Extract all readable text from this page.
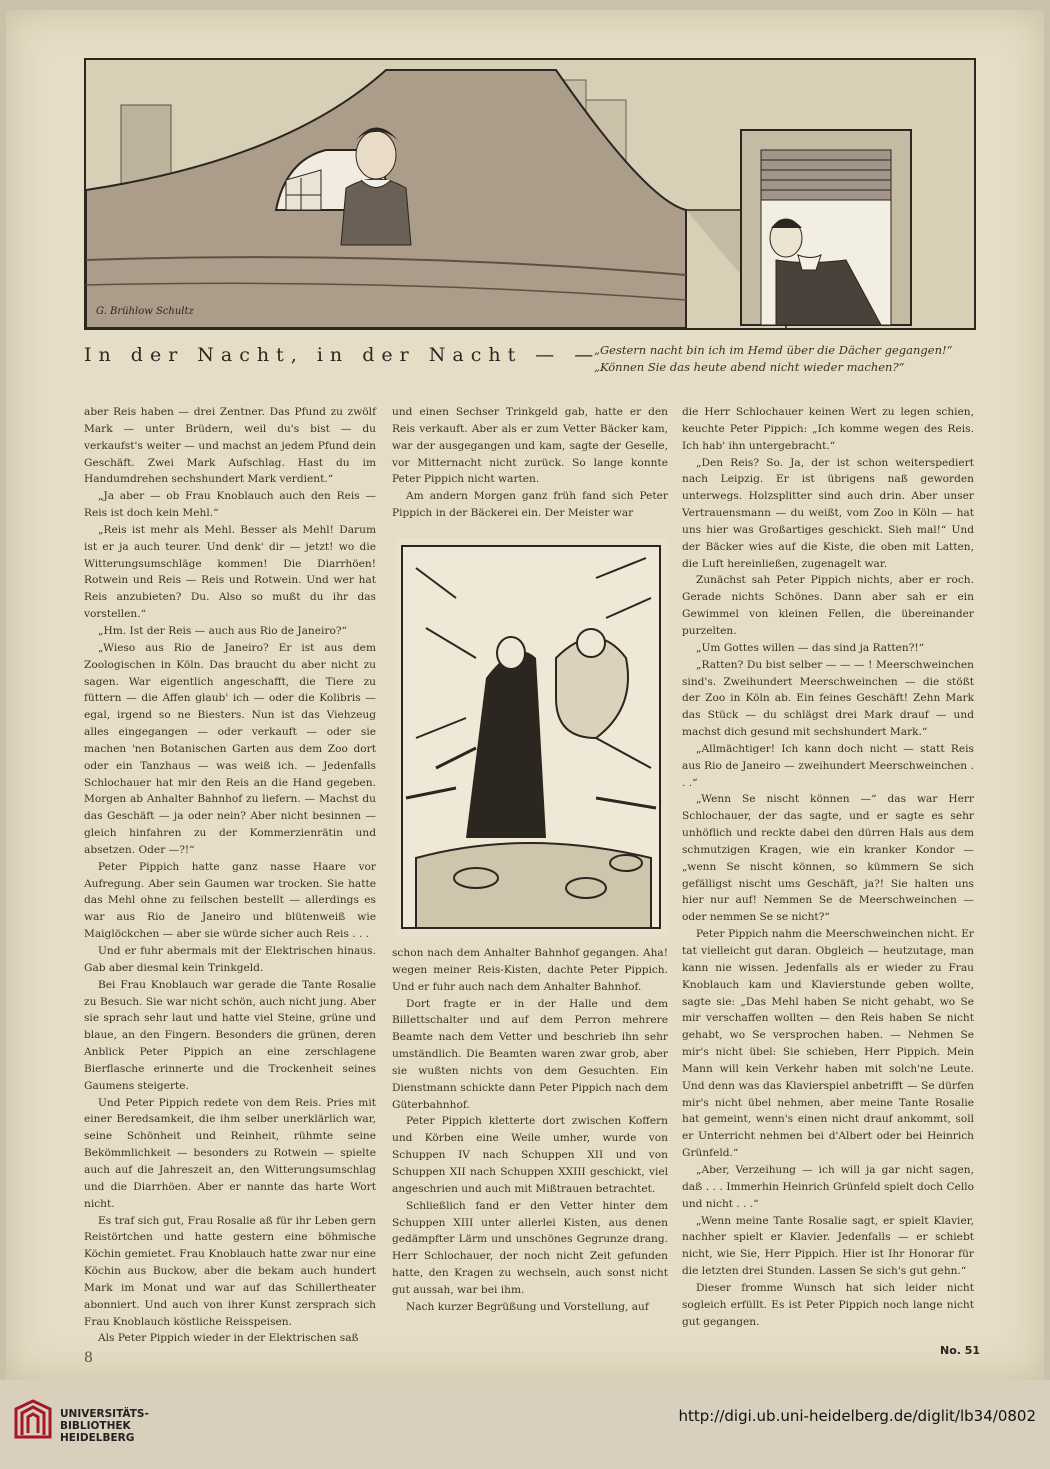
G. Brühlow Schultz
In der Nacht, in der Nacht — —
„Gestern nacht bin ich im Hemd über die Dächer gegangen!“
„Können Sie das heute abend nicht wieder machen?“

aber Reis haben — drei Zentner. Das Pfund zu zwölf Mark — unter Brüdern, weil du's bist — du verkaufst's weiter — und machst an jedem Pfund dein Geschäft. Zwei Mark Aufschlag. Hast du im Handumdrehen sechshundert Mark verdient.“

„Ja aber — ob Frau Knoblauch auch den Reis — Reis ist doch kein Mehl.“

„Reis ist mehr als Mehl. Besser als Mehl! Darum ist er ja auch teurer. Und denk' dir — jetzt! wo die Witterungsumschläge kommen! Die Diarrhöen! Rotwein und Reis — Reis und Rotwein. Und wer hat Reis anzubieten? Du. Also so mußt du ihr das vorstellen.“

„Hm. Ist der Reis — auch aus Rio de Janeiro?“

„Wieso aus Rio de Janeiro? Er ist aus dem Zoologischen in Köln. Das braucht du aber nicht zu sagen. War eigentlich angeschafft, die Tiere zu füttern — die Affen glaub' ich — oder die Kolibris — egal, irgend so ne Biesters. Nun ist das Viehzeug alles eingegangen — oder verkauft — oder sie machen 'nen Botanischen Garten aus dem Zoo dort oder ein Tanzhaus — was weiß ich. — Jedenfalls Schlochauer hat mir den Reis an die Hand gegeben. Morgen ab Anhalter Bahnhof zu liefern. — Machst du das Geschäft — ja oder nein? Aber nicht besinnen — gleich hinfahren zu der Kommerzienrätin und absetzen. Oder —?!“

Peter Pippich hatte ganz nasse Haare vor Aufregung. Aber sein Gaumen war trocken. Sie hatte das Mehl ohne zu feilschen bestellt — allerdings es war aus Rio de Janeiro und blütenweiß wie Maiglöckchen — aber sie würde sicher auch Reis . . .

Und er fuhr abermals mit der Elektrischen hinaus. Gab aber diesmal kein Trinkgeld.

Bei Frau Knoblauch war gerade die Tante Rosalie zu Besuch. Sie war nicht schön, auch nicht jung. Aber sie sprach sehr laut und hatte viel Steine, grüne und blaue, an den Fingern. Besonders die grünen, deren Anblick Peter Pippich an eine zerschlagene Bierflasche erinnerte und die Trockenheit seines Gaumens steigerte.

Und Peter Pippich redete von dem Reis. Pries mit einer Beredsamkeit, die ihm selber unerklärlich war, seine Schönheit und Reinheit, rühmte seine Bekömmlichkeit — besonders zu Rotwein — spielte auch auf die Jahreszeit an, den Witterungsumschlag und die Diarrhöen. Aber er nannte das harte Wort nicht.

Es traf sich gut, Frau Rosalie aß für ihr Leben gern Reistörtchen und hatte gestern eine böhmische Köchin gemietet. Frau Knoblauch hatte zwar nur eine Köchin aus Buckow, aber die bekam auch hundert Mark im Monat und war auf das Schillertheater abonniert. Und auch von ihrer Kunst zersprach sich Frau Knoblauch köstliche Reisspeisen.

Als Peter Pippich wieder in der Elektrischen saß

und einen Sechser Trinkgeld gab, hatte er den Reis verkauft. Aber als er zum Vetter Bäcker kam, war der ausgegangen und kam, sagte der Geselle, vor Mitternacht nicht zurück. So lange konnte Peter Pippich nicht warten.

Am andern Morgen ganz früh fand sich Peter Pippich in der Bäckerei ein. Der Meister war

schon nach dem Anhalter Bahnhof gegangen. Aha! wegen meiner Reis-Kisten, dachte Peter Pippich. Und er fuhr auch nach dem Anhalter Bahnhof.

Dort fragte er in der Halle und dem Billettschalter und auf dem Perron mehrere Beamte nach dem Vetter und beschrieb ihn sehr umständlich. Die Beamten waren zwar grob, aber sie wußten nichts von dem Gesuchten. Ein Dienstmann schickte dann Peter Pippich nach dem Güterbahnhof.

Peter Pippich kletterte dort zwischen Koffern und Körben eine Weile umher, wurde von Schuppen IV nach Schuppen XII und von Schuppen XII nach Schuppen XXIII geschickt, viel angeschrien und auch mit Mißtrauen betrachtet.

Schließlich fand er den Vetter hinter dem Schuppen XIII unter allerlei Kisten, aus denen gedämpfter Lärm und unschönes Gegrunze drang. Herr Schlochauer, der noch nicht Zeit gefunden hatte, den Kragen zu wechseln, auch sonst nicht gut aussah, war bei ihm.

Nach kurzer Begrüßung und Vorstellung, auf

die Herr Schlochauer keinen Wert zu legen schien, keuchte Peter Pippich: „Ich komme wegen des Reis. Ich hab' ihn untergebracht.“

„Den Reis? So. Ja, der ist schon weiterspediert nach Leipzig. Er ist übrigens naß geworden unterwegs. Holzsplitter sind auch drin. Aber unser Vertrauensmann — du weißt, vom Zoo in Köln — hat uns hier was Großartiges geschickt. Sieh mal!“ Und der Bäcker wies auf die Kiste, die oben mit Latten, die Luft hereinließen, zugenagelt war.

Zunächst sah Peter Pippich nichts, aber er roch. Gerade nichts Schönes. Dann aber sah er ein Gewimmel von kleinen Fellen, die übereinander purzelten.

„Um Gottes willen — das sind ja Ratten?!“

„Ratten? Du bist selber — — — ! Meerschweinchen sind's. Zweihundert Meerschweinchen — die stößt der Zoo in Köln ab. Ein feines Geschäft! Zehn Mark das Stück — du schlägst drei Mark drauf — und machst dich gesund mit sechshundert Mark.“

„Allmächtiger! Ich kann doch nicht — statt Reis aus Rio de Janeiro — zweihundert Meerschweinchen . . .“

„Wenn Se nischt können —“ das war Herr Schlochauer, der das sagte, und er sagte es sehr unhöflich und reckte dabei den dürren Hals aus dem schmutzigen Kragen, wie ein kranker Kondor — „wenn Se nischt können, so kümmern Se sich gefälligst nischt ums Geschäft, ja?! Sie halten uns hier nur auf! Nemmen Se de Meerschweinchen — oder nemmen Se se nicht?“

Peter Pippich nahm die Meerschweinchen nicht. Er tat vielleicht gut daran. Obgleich — heutzutage, man kann nie wissen. Jedenfalls als er wieder zu Frau Knoblauch kam und Klavierstunde geben wollte, sagte sie: „Das Mehl haben Se nicht gehabt, wo Se mir verschaffen wollten — den Reis haben Se nicht gehabt, wo Se versprochen haben. — Nehmen Se mir's nicht übel: Sie schieben, Herr Pippich. Mein Mann will kein Verkehr haben mit solch'ne Leute. Und denn was das Klavierspiel anbetrifft — Se dürfen mir's nicht übel nehmen, aber meine Tante Rosalie hat gemeint, wenn's einen nicht drauf ankommt, soll er Unterricht nehmen bei d'Albert oder bei Heinrich Grünfeld.“

„Aber, Verzeihung — ich will ja gar nicht sagen, daß . . . Immerhin Heinrich Grünfeld spielt doch Cello und nicht . . .“

„Wenn meine Tante Rosalie sagt, er spielt Klavier, nachher spielt er Klavier. Jedenfalls — er schiebt nicht, wie Sie, Herr Pippich. Hier ist Ihr Honorar für die letzten drei Stunden. Lassen Se sich's gut gehn.“

Dieser fromme Wunsch hat sich leider nicht sogleich erfüllt. Es ist Peter Pippich noch lange nicht gut gegangen.

8	No. 51
UNIVERSITÄTS-
BIBLIOTHEK
HEIDELBERG
http://digi.ub.uni-heidelberg.de/diglit/lb34/0802
